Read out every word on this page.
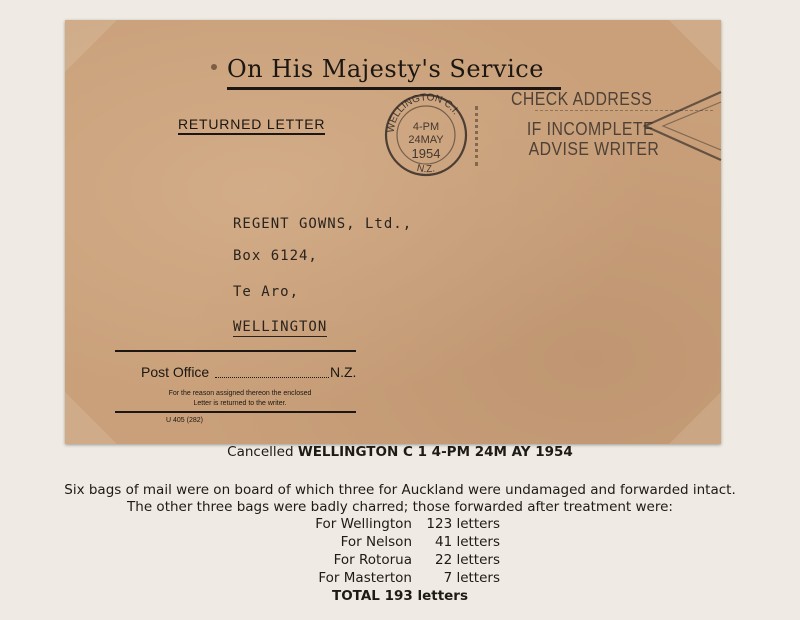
On His Majesty's Service
RETURNED LETTER	WELLINGTON C.I.
N.Z.
4-PM
24MAY
1954
CHECK ADDRESS
IF INCOMPLETE
ADVISE WRITER
REGENT GOWNS, Ltd.,
Box 6124,
Te Aro,
WELLINGTON
Post Office	N.Z.
For the reason assigned thereon the enclosed
Letter is returned to the writer.
U 405 (282)
Cancelled WELLINGTON C 1 4-PM 24M AY 1954
Six bags of mail were on board of which three for Auckland were undamaged and forwarded intact.
The other three bags were badly charred; those forwarded after treatment were:
For Wellington	123 letters
For Nelson	41 letters
For Rotorua	22 letters
For Masterton	7 letters
TOTAL 193 letters
